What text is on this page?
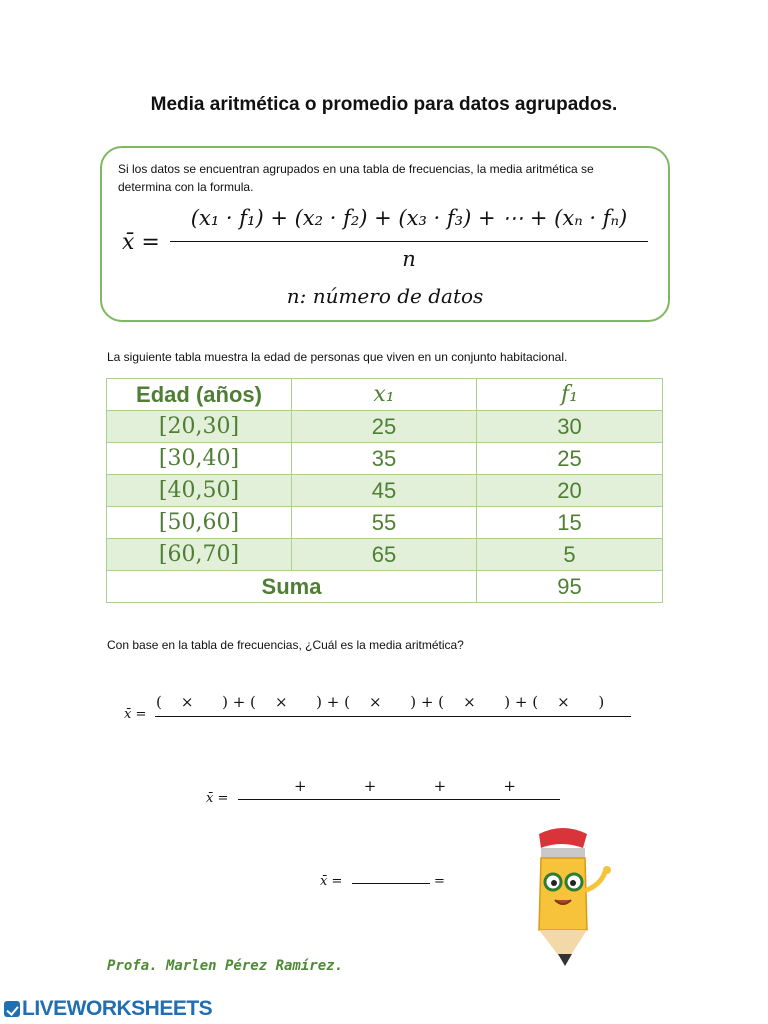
Media aritmética o promedio para datos agrupados.
Si los datos se encuentran agrupados en una tabla de frecuencias, la media aritmética se determina con la formula.
x̄ =
(x₁ · f₁) + (x₂ · f₂) + (x₃ · f₃) + ⋯ + (xₙ · fₙ)
n
n: número de datos
La siguiente tabla muestra la edad de personas que viven en un conjunto habitacional.
Edad (años)	x₁	f₁
[20,30]	25	30
[30,40]	35	25
[40,50]	45	20
[50,60]	55	15
[60,70]	65	5
Suma		95
Con base en la tabla de frecuencias, ¿Cuál es la media aritmética?
x̄ =
(    ×      ) + (    ×      ) + (    ×      ) + (    ×      ) + (    ×      )
x̄ =
+            +            +            +
x̄ =	=
Profa. Marlen Pérez Ramírez.
LIVEWORKSHEETS
